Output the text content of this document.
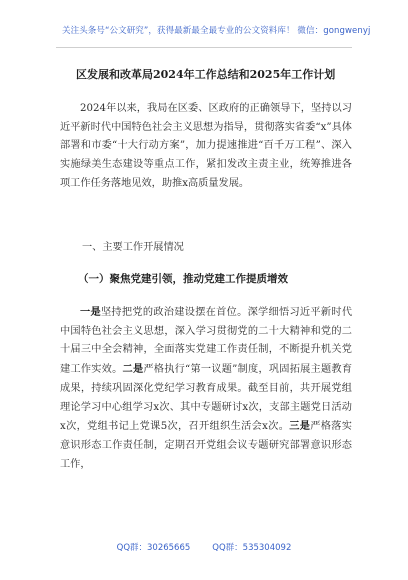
关注头条号“公文研究”，获得最新最全最专业的公文资料库！ 微信：gongwenyj
区发展和改革局2024年工作总结和2025年工作计划

2024年以来，我局在区委、区政府的正确领导下，坚持以习近平新时代中国特色社会主义思想为指导，贯彻落实省委“x”具体部署和市委“十大行动方案”，加力提速推进“百千万工程”、深入实施绿美生态建设等重点工作，紧扣发改主责主业，统筹推进各项工作任务落地见效，助推x高质量发展。

一、主要工作开展情况
（一）聚焦党建引领，推动党建工作提质增效

一是坚持把党的政治建设摆在首位。深学细悟习近平新时代中国特色社会主义思想，深入学习贯彻党的二十大精神和党的二十届三中全会精神，全面落实党建工作责任制，不断提升机关党建工作实效。二是严格执行“第一议题”制度，巩固拓展主题教育成果，持续巩固深化党纪学习教育成果。截至目前，共开展党组理论学习中心组学习x次、其中专题研讨x次，支部主题党日活动x次，党组书记上党课5次，召开组织生活会x次。三是严格落实意识形态工作责任制，定期召开党组会议专题研究部署意识形态工作，

QQ群：30265665	QQ群：535304092
